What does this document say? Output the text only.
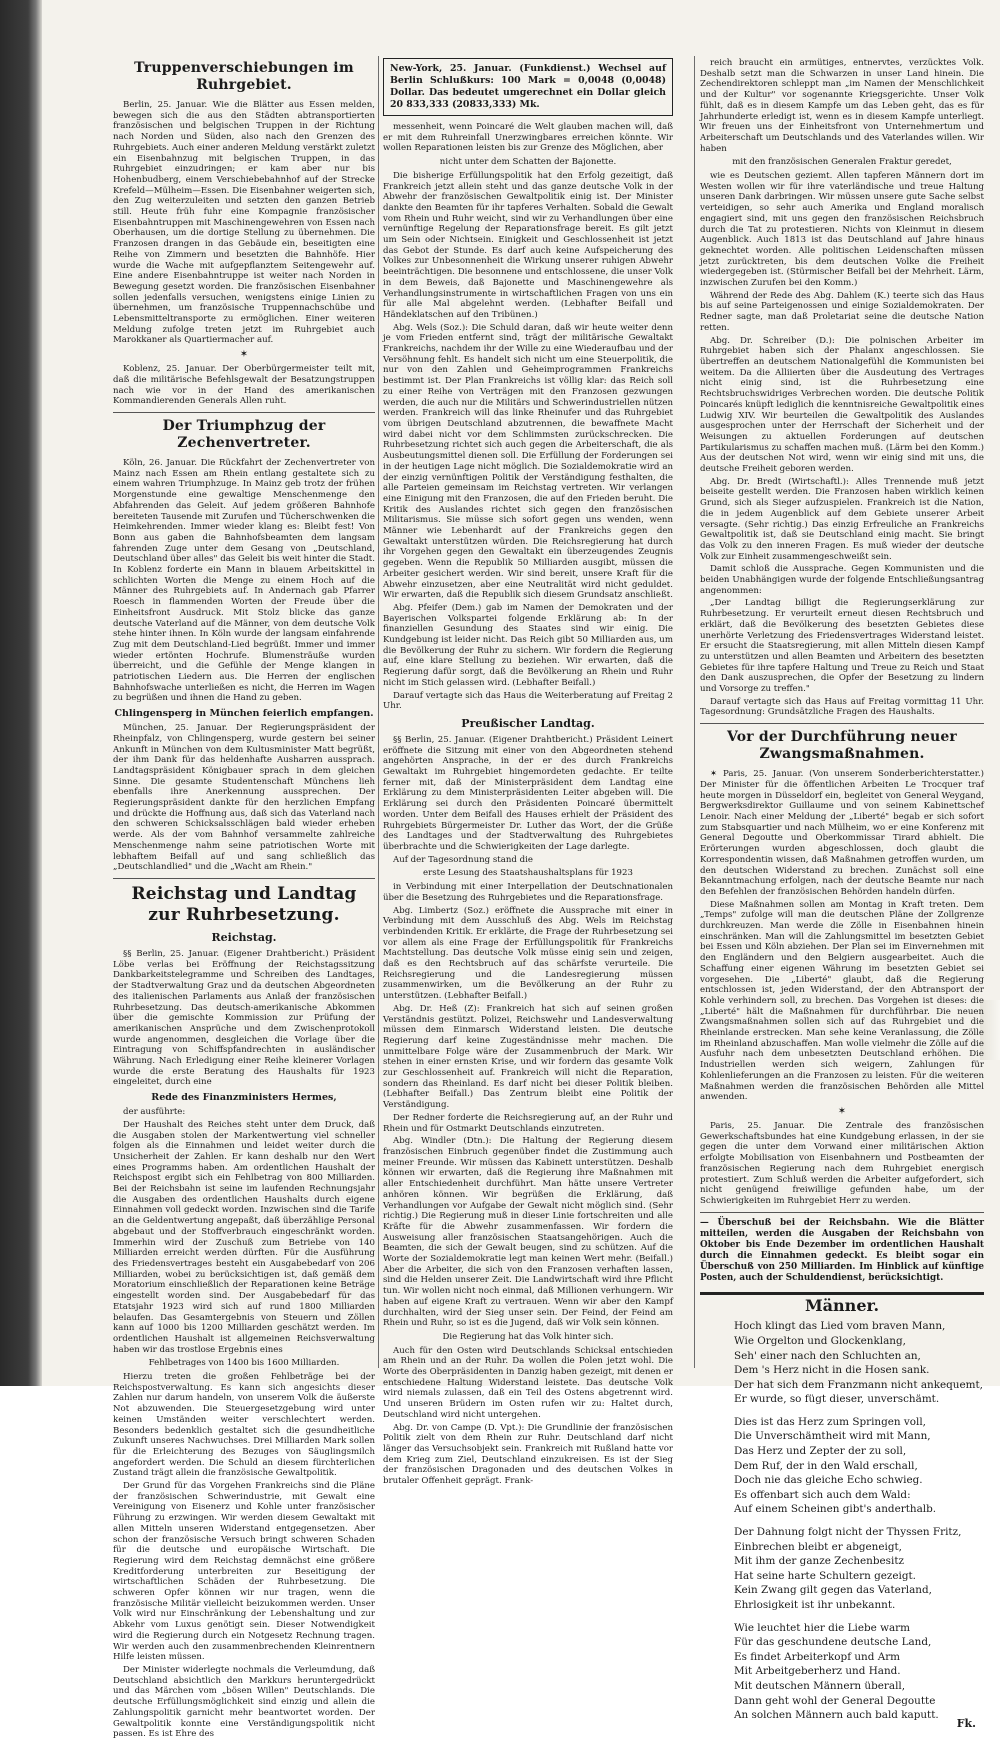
Truppenverschiebungen im Ruhrgebiet.

Berlin, 25. Januar. Wie die Blätter aus Essen melden, bewegen sich die aus den Städten abtransportierten französischen und belgischen Truppen in der Richtung nach Norden und Süden, also nach den Grenzen des Ruhrgebiets. Auch einer anderen Meldung verstärkt zuletzt ein Eisenbahnzug mit belgischen Truppen, in das Ruhrgebiet einzudringen; er kam aber nur bis Hohenbudberg, einem Verschiebebahnhof auf der Strecke Krefeld—Mülheim—Essen. Die Eisenbahner weigerten sich, den Zug weiterzuleiten und setzten den ganzen Betrieb still. Heute früh fuhr eine Kompagnie französischer Eisenbahntruppen mit Maschinengewehren von Essen nach Oberhausen, um die dortige Stellung zu übernehmen. Die Franzosen drangen in das Gebäude ein, beseitigten eine Reihe von Zimmern und besetzten die Bahnhöfe. Hier wurde die Wache mit aufgepflanztem Seitengewehr auf. Eine andere Eisenbahntruppe ist weiter nach Norden in Bewegung gesetzt worden. Die französischen Eisenbahner sollen jedenfalls versuchen, wenigstens einige Linien zu übernehmen, um französische Truppennachschübe und Lebensmitteltransporte zu ermöglichen. Einer weiteren Meldung zufolge treten jetzt im Ruhrgebiet auch Marokkaner als Quartiermacher auf.

✶

Koblenz, 25. Januar. Der Oberbürgermeister teilt mit, daß die militärische Befehlsgewalt der Besatzungstruppen nach wie vor in der Hand des amerikanischen Kommandierenden Generals Allen ruht.

Der Triumphzug der Zechenvertreter.

Köln, 26. Januar. Die Rückfahrt der Zechenvertreter von Mainz nach Essen am Rhein entlang gestaltete sich zu einem wahren Triumphzuge. In Mainz geb trotz der frühen Morgenstunde eine gewaltige Menschenmenge den Abfahrenden das Geleit. Auf jedem größeren Bahnhofe bereiteten Tausende mit Zurufen und Tücherschwenken die Heimkehrenden. Immer wieder klang es: Bleibt fest! Von Bonn aus gaben die Bahnhofsbeamten dem langsam fahrenden Zuge unter dem Gesang von „Deutschland, Deutschland über alles" das Geleit bis weit hinter die Stadt. In Koblenz forderte ein Mann in blauem Arbeitskittel in schlichten Worten die Menge zu einem Hoch auf die Männer des Ruhrgebiets auf. In Andernach gab Pfarrer Roesch in flammenden Worten der Freude über die Einheitsfront Ausdruck. Mit Stolz blicke das ganze deutsche Vaterland auf die Männer, von dem deutsche Volk stehe hinter ihnen. In Köln wurde der langsam einfahrende Zug mit dem Deutschland-Lied begrüßt. Immer und immer wieder ertönten Hochrufe. Blumensträuße wurden überreicht, und die Gefühle der Menge klangen in patriotischen Liedern aus. Die Herren der englischen Bahnhofswache unterließen es nicht, die Herren im Wagen zu begrüßen und ihnen die Hand zu geben.

Chlingensperg in München feierlich empfangen.

München, 25. Januar. Der Regierungspräsident der Rheinpfalz, von Chlingensperg, wurde gestern bei seiner Ankunft in München von dem Kultusminister Matt begrüßt, der ihm Dank für das heldenhafte Ausharren aussprach. Landtagspräsident Königbauer sprach in dem gleichen Sinne. Die gesamte Studentenschaft Münchens lieh ebenfalls ihre Anerkennung aussprechen. Der Regierungspräsident dankte für den herzlichen Empfang und drückte die Hoffnung aus, daß sich das Vaterland nach den schweren Schicksalsschlägen bald wieder erheben werde. Als der vom Bahnhof versammelte zahlreiche Menschenmenge nahm seine patriotischen Worte mit lebhaftem Beifall auf und sang schließlich das „Deutschlandlied" und die „Wacht am Rhein."

Reichstag und Landtag zur Ruhrbesetzung.
Reichstag.

§§ Berlin, 25. Januar. (Eigener Drahtbericht.) Präsident Löbe verlas bei Eröffnung der Reichstagssitzung Dankbarkeitstelegramme und Schreiben des Landtages, der Stadtverwaltung Graz und da deutschen Abgeordneten des italienischen Parlaments aus Anlaß der französischen Ruhrbesetzung. Das deutsch-amerikanische Abkommen über die gemischte Kommission zur Prüfung der amerikanischen Ansprüche und dem Zwischenprotokoll wurde angenommen, desgleichen die Vorlage über die Eintragung von Schiffspfandrechten in ausländischer Währung. Nach Erledigung einer Reihe kleinerer Vorlagen wurde die erste Beratung des Haushalts für 1923 eingeleitet, durch eine

Rede des Finanzministers Hermes,

der ausführte:

Der Haushalt des Reiches steht unter dem Druck, daß die Ausgaben stolen der Markentwertung viel schneller folgen als die Einnahmen und leidet weiter durch die Unsicherheit der Zahlen. Er kann deshalb nur den Wert eines Programms haben. Am ordentlichen Haushalt der Reichspost ergibt sich ein Fehlbetrag von 800 Milliarden. Bei der Reichsbahn ist seine im laufenden Rechnungsjahr die Ausgaben des ordentlichen Haushalts durch eigene Einnahmen voll gedeckt worden. Inzwischen sind die Tarife an die Geldentwertung angepaßt, daß überzählige Personal abgebaut und der Stoffverbrauch eingeschränkt worden. Immerhin wird der Zuschuß zum Betriebe von 140 Milliarden erreicht werden dürften. Für die Ausführung des Friedensvertrages besteht ein Ausgabebedarf von 206 Milliarden, wobei zu berücksichtigen ist, daß gemäß dem Moratorium einschließlich der Reparationen keine Beträge eingestellt worden sind. Der Ausgabebedarf für das Etatsjahr 1923 wird sich auf rund 1800 Milliarden belaufen. Das Gesamtergebnis von Steuern und Zöllen kann auf 1000 bis 1200 Milliarden geschätzt werden. Im ordentlichen Haushalt ist allgemeinen Reichsverwaltung haben wir das trostlose Ergebnis eines

Fehlbetrages von 1400 bis 1600 Milliarden.

Hierzu treten die großen Fehlbeträge bei der Reichspostverwaltung. Es kann sich angesichts dieser Zahlen nur darum handeln, von unserem Volk die äußerste Not abzuwenden. Die Steuergesetzgebung wird unter keinen Umständen weiter verschlechtert werden. Besonders bedenklich gestaltet sich die gesundheitliche Zukunft unseres Nachwuchses. Drei Milliarden Mark sollen für die Erleichterung des Bezuges von Säuglingsmilch angefordert werden. Die Schuld an diesem fürchterlichen Zustand trägt allein die französische Gewaltpolitik.

Der Grund für das Vorgehen Frankreichs sind die Pläne der französischen Schwerindustrie, mit Gewalt eine Vereinigung von Eisenerz und Kohle unter französischer Führung zu erzwingen. Wir werden diesem Gewaltakt mit allen Mitteln unseren Widerstand entgegensetzen. Aber schon der französische Versuch bringt schweren Schaden für die deutsche und europäische Wirtschaft. Die Regierung wird dem Reichstag demnächst eine größere Kreditforderung unterbreiten zur Beseitigung der wirtschaftlichen Schäden der Ruhrbesetzung. Die schweren Opfer können wir nur tragen, wenn die französische Militär vielleicht beizukommen werden. Unser Volk wird nur Einschränkung der Lebenshaltung und zur Abkehr vom Luxus genötigt sein. Dieser Notwendigkeit wird die Regierung durch ein Notgesetz Rechnung tragen. Wir werden auch den zusammenbrechenden Kleinrentnern Hilfe leisten müssen.

Der Minister widerlegte nochmals die Verleumdung, daß Deutschland absichtlich den Markkurs heruntergedrückt und das Märchen vom „bösen Willen" Deutschlands. Die deutsche Erfüllungsmöglichkeit sind einzig und allein die Zahlungspolitik garnicht mehr beantwortet worden. Der Gewaltpolitik konnte eine Verständigungspolitik nicht passen. Es ist Ehre des

New-York, 25. Januar. (Funkdienst.) Wechsel auf Berlin Schlußkurs: 100 Mark = 0,0048 (0,0048) Dollar. Das bedeutet umgerechnet ein Dollar gleich 20 833,333 (20833,333) Mk.

messenheit, wenn Poincaré die Welt glauben machen will, daß er mit dem Ruhreinfall Unerzwingbares erreichen könnte. Wir wollen Reparationen leisten bis zur Grenze des Möglichen, aber

nicht unter dem Schatten der Bajonette.

Die bisherige Erfüllungspolitik hat den Erfolg gezeitigt, daß Frankreich jetzt allein steht und das ganze deutsche Volk in der Abwehr der französischen Gewaltpolitik einig ist. Der Minister dankte den Beamten für ihr tapferes Verhalten. Sobald die Gewalt vom Rhein und Ruhr weicht, sind wir zu Verhandlungen über eine vernünftige Regelung der Reparationsfrage bereit. Es gilt jetzt um Sein oder Nichtsein. Einigkeit und Geschlossenheit ist jetzt das Gebot der Stunde. Es darf auch keine Aufspeicherung des Volkes zur Unbesonnenheit die Wirkung unserer ruhigen Abwehr beeinträchtigen. Die besonnene und entschlossene, die unser Volk in dem Beweis, daß Bajonette und Maschinengewehre als Verhandlungsinstrumente in wirtschaftlichen Fragen von uns ein für alle Mal abgelehnt werden. (Lebhafter Beifall und Händeklatschen auf den Tribünen.)

Abg. Wels (Soz.): Die Schuld daran, daß wir heute weiter denn je vom Frieden entfernt sind, trägt der militärische Gewaltakt Frankreichs, nachdem ihr der Wille zu eine Wiederaufbau und der Versöhnung fehlt. Es handelt sich nicht um eine Steuerpolitik, die nur von den Zahlen und Geheimprogrammen Frankreichs bestimmt ist. Der Plan Frankreichs ist völlig klar: das Reich soll zu einer Reihe von Verträgen mit den Franzosen gezwungen werden, die auch nur die Militärs und Schwerindustriellen nützen werden. Frankreich will das linke Rheinufer und das Ruhrgebiet vom übrigen Deutschland abzutrennen, die bewaffnete Macht wird dabei nicht vor dem Schlimmsten zurückschrecken. Die Ruhrbesetzung richtet sich auch gegen die Arbeiterschaft, die als Ausbeutungsmittel dienen soll. Die Erfüllung der Forderungen sei in der heutigen Lage nicht möglich. Die Sozialdemokratie wird an der einzig vernünftigen Politik der Verständigung festhalten, die alle Parteien gemeinsam im Reichstag vertreten. Wir verlangen eine Einigung mit den Franzosen, die auf den Frieden beruht. Die Kritik des Auslandes richtet sich gegen den französischen Militarismus. Sie müsse sich sofort gegen uns wenden, wenn Männer wie Lebenhardt auf der Frankreichs gegen den Gewaltakt unterstützen würden. Die Reichsregierung hat durch ihr Vorgehen gegen den Gewaltakt ein überzeugendes Zeugnis gegeben. Wenn die Republik 50 Milliarden ausgibt, müssen die Arbeiter gesichert werden. Wir sind bereit, unsere Kraft für die Abwehr einzusetzen, aber eine Neutralität wird nicht geduldet. Wir erwarten, daß die Republik sich diesem Grundsatz anschließt.

Abg. Pfeifer (Dem.) gab im Namen der Demokraten und der Bayerischen Volkspartei folgende Erklärung ab: In der finanziellen Gesundung des Staates sind wir einig. Die Kundgebung ist leider nicht. Das Reich gibt 50 Milliarden aus, um die Bevölkerung der Ruhr zu sichern. Wir fordern die Regierung auf, eine klare Stellung zu beziehen. Wir erwarten, daß die Regierung dafür sorgt, daß die Bevölkerung an Rhein und Ruhr nicht im Stich gelassen wird. (Lebhafter Beifall.)

Darauf vertagte sich das Haus die Weiterberatung auf Freitag 2 Uhr.

Preußischer Landtag.

§§ Berlin, 25. Januar. (Eigener Drahtbericht.) Präsident Leinert eröffnete die Sitzung mit einer von den Abgeordneten stehend angehörten Ansprache, in der er des durch Frankreichs Gewaltakt im Ruhrgebiet hingemordeten gedachte. Er teilte ferner mit, daß der Ministerpräsident dem Landtag eine Erklärung zu dem Ministerpräsidenten Leiter abgeben will. Die Erklärung sei durch den Präsidenten Poincaré übermittelt worden. Unter dem Beifall des Hauses erhielt der Präsident des Ruhrgebiets Bürgermeister Dr. Luther das Wort, der die Grüße des Landtages und der Stadtverwaltung des Ruhrgebietes überbrachte und die Schwierigkeiten der Lage darlegte.

Auf der Tagesordnung stand die

erste Lesung des Staatshaushaltsplans für 1923

in Verbindung mit einer Interpellation der Deutschnationalen über die Besetzung des Ruhrgebietes und die Reparationsfrage.

Abg. Limbertz (Soz.) eröffnete die Aussprache mit einer in Verbindung mit dem Ausschluß des Abg. Wels im Reichstag verbindenden Kritik. Er erklärte, die Frage der Ruhrbesetzung sei vor allem als eine Frage der Erfüllungspolitik für Frankreichs Machtstellung. Das deutsche Volk müsse einig sein und zeigen, daß es den Rechtsbruch auf das schärfste verurteile. Die Reichsregierung und die Landesregierung müssen zusammenwirken, um die Bevölkerung an der Ruhr zu unterstützen. (Lebhafter Beifall.)

Abg. Dr. Heß (Z): Frankreich hat sich auf seinen großen Verständnis gestützt. Polizei, Reichswehr und Landesverwaltung müssen dem Einmarsch Widerstand leisten. Die deutsche Regierung darf keine Zugeständnisse mehr machen. Die unmittelbare Folge wäre der Zusammenbruch der Mark. Wir stehen in einer ernsten Krise, und wir fordern das gesamte Volk zur Geschlossenheit auf. Frankreich will nicht die Reparation, sondern das Rheinland. Es darf nicht bei dieser Politik bleiben. (Lebhafter Beifall.) Das Zentrum bleibt eine Politik der Verständigung.

Der Redner forderte die Reichsregierung auf, an der Ruhr und Rhein und für Ostmarkt Deutschlands einzutreten.

Abg. Windler (Dtn.): Die Haltung der Regierung diesem französischen Einbruch gegenüber findet die Zustimmung auch meiner Freunde. Wir müssen das Kabinett unterstützen. Deshalb können wir erwarten, daß die Regierung ihre Maßnahmen mit aller Entschiedenheit durchführt. Man hätte unsere Vertreter anhören können. Wir begrüßen die Erklärung, daß Verhandlungen vor Aufgabe der Gewalt nicht möglich sind. (Sehr richtig.) Die Regierung muß in dieser Linie fortschreiten und alle Kräfte für die Abwehr zusammenfassen. Wir fordern die Ausweisung aller französischen Staatsangehörigen. Auch die Beamten, die sich der Gewalt beugen, sind zu schützen. Auf die Worte der Sozialdemokratie legt man keinen Wert mehr. (Beifall.) Aber die Arbeiter, die sich von den Franzosen verhaften lassen, sind die Helden unserer Zeit. Die Landwirtschaft wird ihre Pflicht tun. Wir wollen nicht noch einmal, daß Millionen verhungern. Wir haben auf eigene Kraft zu vertrauen. Wenn wir aber den Kampf durchhalten, wird der Sieg unser sein. Der Feind, der Feind am Rhein und Ruhr, so ist es die Jugend, daß wir Volk sein können.

Die Regierung hat das Volk hinter sich.

Auch für den Osten wird Deutschlands Schicksal entschieden am Rhein und an der Ruhr. Da wollen die Polen jetzt wohl. Die Worte des Oberpräsidenten in Danzig haben gezeigt, mit denen er entschiedene Haltung Widerstand leistete. Das deutsche Volk wird niemals zulassen, daß ein Teil des Ostens abgetrennt wird. Und unseren Brüdern im Osten rufen wir zu: Haltet durch, Deutschland wird nicht untergehen.

Abg. Dr. von Campe (D. Vpt.): Die Grundlinie der französischen Politik zielt von dem Rhein zur Ruhr. Deutschland darf nicht länger das Versuchsobjekt sein. Frankreich mit Rußland hatte vor dem Krieg zum Ziel, Deutschland einzukreisen. Es ist der Sieg der französischen Dragonaden und des deutschen Volkes in brutaler Offenheit geprägt. Frank-

reich braucht ein armütiges, entnervtes, verzücktes Volk. Deshalb setzt man die Schwarzen in unser Land hinein. Die Zechendirektoren schleppt man „im Namen der Menschlichkeit und der Kultur" vor sogenannte Kriegsgerichte. Unser Volk fühlt, daß es in diesem Kampfe um das Leben geht, das es für Jahrhunderte erledigt ist, wenn es in diesem Kampfe unterliegt. Wir freuen uns der Einheitsfront von Unternehmertum und Arbeiterschaft um Deutschlands und des Vaterlandes willen. Wir haben

mit den französischen Generalen Fraktur geredet,

wie es Deutschen geziemt. Allen tapferen Männern dort im Westen wollen wir für ihre vaterländische und treue Haltung unseren Dank darbringen. Wir müssen unsere gute Sache selbst verteidigen, so sehr auch Amerika und England moralisch engagiert sind, mit uns gegen den französischen Reichsbruch durch die Tat zu protestieren. Nichts von Kleinmut in diesem Augenblick. Auch 1813 ist das Deutschland auf Jahre hinaus geknechtet worden. Alle politischen Leidenschaften müssen jetzt zurücktreten, bis dem deutschen Volke die Freiheit wiedergegeben ist. (Stürmischer Beifall bei der Mehrheit. Lärm, inzwischen Zurufen bei den Komm.)

Während der Rede des Abg. Dahlem (K.) teerte sich das Haus bis auf seine Parteigenossen und einige Sozialdemokraten. Der Redner sagte, man daß Proletariat seine die deutsche Nation retten.

Abg. Dr. Schreiber (D.): Die polnischen Arbeiter im Ruhrgebiet haben sich der Phalanx angeschlossen. Sie übertreffen an deutschem Nationalgefühl die Kommunisten bei weitem. Da die Alliierten über die Ausdeutung des Vertrages nicht einig sind, ist die Ruhrbesetzung eine Rechtsbruchswidriges Verbrechen worden. Die deutsche Politik Poincarés knüpft lediglich die kenntnisreiche Gewaltpolitik eines Ludwig XIV. Wir beurteilen die Gewaltpolitik des Auslandes ausgesprochen unter der Herrschaft der Sicherheit und der Weisungen zu aktuellen Forderungen auf deutschen Partikularismus zu schaffen machen muß. (Lärm bei den Komm.) Aus der deutschen Not wird, wenn wir einig sind mit uns, die deutsche Freiheit geboren werden.

Abg. Dr. Bredt (Wirtschaftl.): Alles Trennende muß jetzt beiseite gestellt werden. Die Franzosen haben wirklich keinen Grund, sich als Sieger aufzuspielen. Frankreich ist die Nation, die in jedem Augenblick auf dem Gebiete unserer Arbeit versagte. (Sehr richtig.) Das einzig Erfreuliche an Frankreichs Gewaltpolitik ist, daß sie Deutschland einig macht. Sie bringt das Volk zu den inneren Fragen. Es muß wieder der deutsche Volk zur Einheit zusammengeschweißt sein.

Damit schloß die Aussprache. Gegen Kommunisten und die beiden Unabhängigen wurde der folgende Entschließungsantrag angenommen:

„Der Landtag billigt die Regierungserklärung zur Ruhrbesetzung. Er verurteilt erneut diesen Rechtsbruch und erklärt, daß die Bevölkerung des besetzten Gebietes diese unerhörte Verletzung des Friedensvertrages Widerstand leistet. Er ersucht die Staatsregierung, mit allen Mitteln diesen Kampf zu unterstützen und allen Beamten und Arbeitern des besetzten Gebietes für ihre tapfere Haltung und Treue zu Reich und Staat den Dank auszusprechen, die Opfer der Besetzung zu lindern und Vorsorge zu treffen."

Darauf vertagte sich das Haus auf Freitag vormittag 11 Uhr. Tagesordnung: Grundsätzliche Fragen des Haushalts.

Vor der Durchführung neuer Zwangsmaßnahmen.

✶ Paris, 25. Januar. (Von unserem Sonderberichterstatter.) Der Minister für die öffentlichen Arbeiten Le Trocquer traf heute morgen in Düsseldorf ein, begleitet von General Weygand, Bergwerksdirektor Guillaume und von seinem Kabinettschef Lenoir. Nach einer Meldung der „Liberté" begab er sich sofort zum Stabsquartier und nach Mülheim, wo er eine Konferenz mit General Degoutte und Oberkommissar Tirard abhielt. Die Erörterungen wurden abgeschlossen, doch glaubt die Korrespondentin wissen, daß Maßnahmen getroffen wurden, um den deutschen Widerstand zu brechen. Zunächst soll eine Bekanntmachung erfolgen, nach der deutsche Beamte nur nach den Befehlen der französischen Behörden handeln dürfen.

Diese Maßnahmen sollen am Montag in Kraft treten. Dem „Temps" zufolge will man die deutschen Pläne der Zollgrenze durchkreuzen. Man werde die Zölle in Eisenbahnen hinein einschränken. Man will die Zahlungsmittel im besetzten Gebiet bei Essen und Köln abziehen. Der Plan sei im Einvernehmen mit den Engländern und den Belgiern ausgearbeitet. Auch die Schaffung einer eigenen Währung im besetzten Gebiet sei vorgesehen. Die „Liberté" glaubt, daß die Regierung entschlossen ist, jeden Widerstand, der den Abtransport der Kohle verhindern soll, zu brechen. Das Vorgehen ist dieses: die „Liberté" hält die Maßnahmen für durchführbar. Die neuen Zwangsmaßnahmen sollen sich auf das Ruhrgebiet und die Rheinlande erstrecken. Man sehe keine Veranlassung, die Zölle im Rheinland abzuschaffen. Man wolle vielmehr die Zölle auf die Ausfuhr nach dem unbesetzten Deutschland erhöhen. Die Industriellen werden sich weigern, Zahlungen für Kohlenlieferungen an die Franzosen zu leisten. Für die weiteren Maßnahmen werden die französischen Behörden alle Mittel anwenden.

✶

Paris, 25. Januar. Die Zentrale des französischen Gewerkschaftsbundes hat eine Kundgebung erlassen, in der sie gegen die unter dem Vorwand einer militärischen Aktion erfolgte Mobilisation von Eisenbahnern und Postbeamten der französischen Regierung nach dem Ruhrgebiet energisch protestiert. Zum Schluß werden die Arbeiter aufgefordert, sich nicht genügend freiwillige gefunden habe, um der Schwierigkeiten im Ruhrgebiet Herr zu werden.

— Überschuß bei der Reichsbahn. Wie die Blätter mitteilen, werden die Ausgaben der Reichsbahn von Oktober bis Ende Dezember im ordentlichen Haushalt durch die Einnahmen gedeckt. Es bleibt sogar ein Überschuß von 250 Milliarden. Im Hinblick auf künftige Posten, auch der Schuldendienst, berücksichtigt.
Männer.
Hoch klingt das Lied vom braven Mann,
Wie Orgelton und Glockenklang,
Seh' einer nach den Schluchten an,
Dem 's Herz nicht in die Hosen sank.
Der hat sich dem Franzmann nicht ankequemt,
Er wurde, so fügt dieser, unverschämt.
Dies ist das Herz zum Springen voll,
Die Unverschämtheit wird mit Mann,
Das Herz und Zepter der zu soll,
Dem Ruf, der in den Wald erschall,
Doch nie das gleiche Echo schwieg.
Es offenbart sich auch dem Wald:
Auf einem Scheinen gibt's anderthalb.
Der Dahnung folgt nicht der Thyssen Fritz,
Einbrechen bleibt er abgeneigt,
Mit ihm der ganze Zechenbesitz
Hat seine harte Schultern gezeigt.
Kein Zwang gilt gegen das Vaterland,
Ehrlosigkeit ist ihr unbekannt.
Wie leuchtet hier die Liebe warm
Für das geschundene deutsche Land,
Es findet Arbeiterkopf und Arm
Mit Arbeitgeberherz und Hand.
Mit deutschen Männern überall,
Dann geht wohl der General Degoutte
An solchen Männern auch bald kaputt.
Fk.
